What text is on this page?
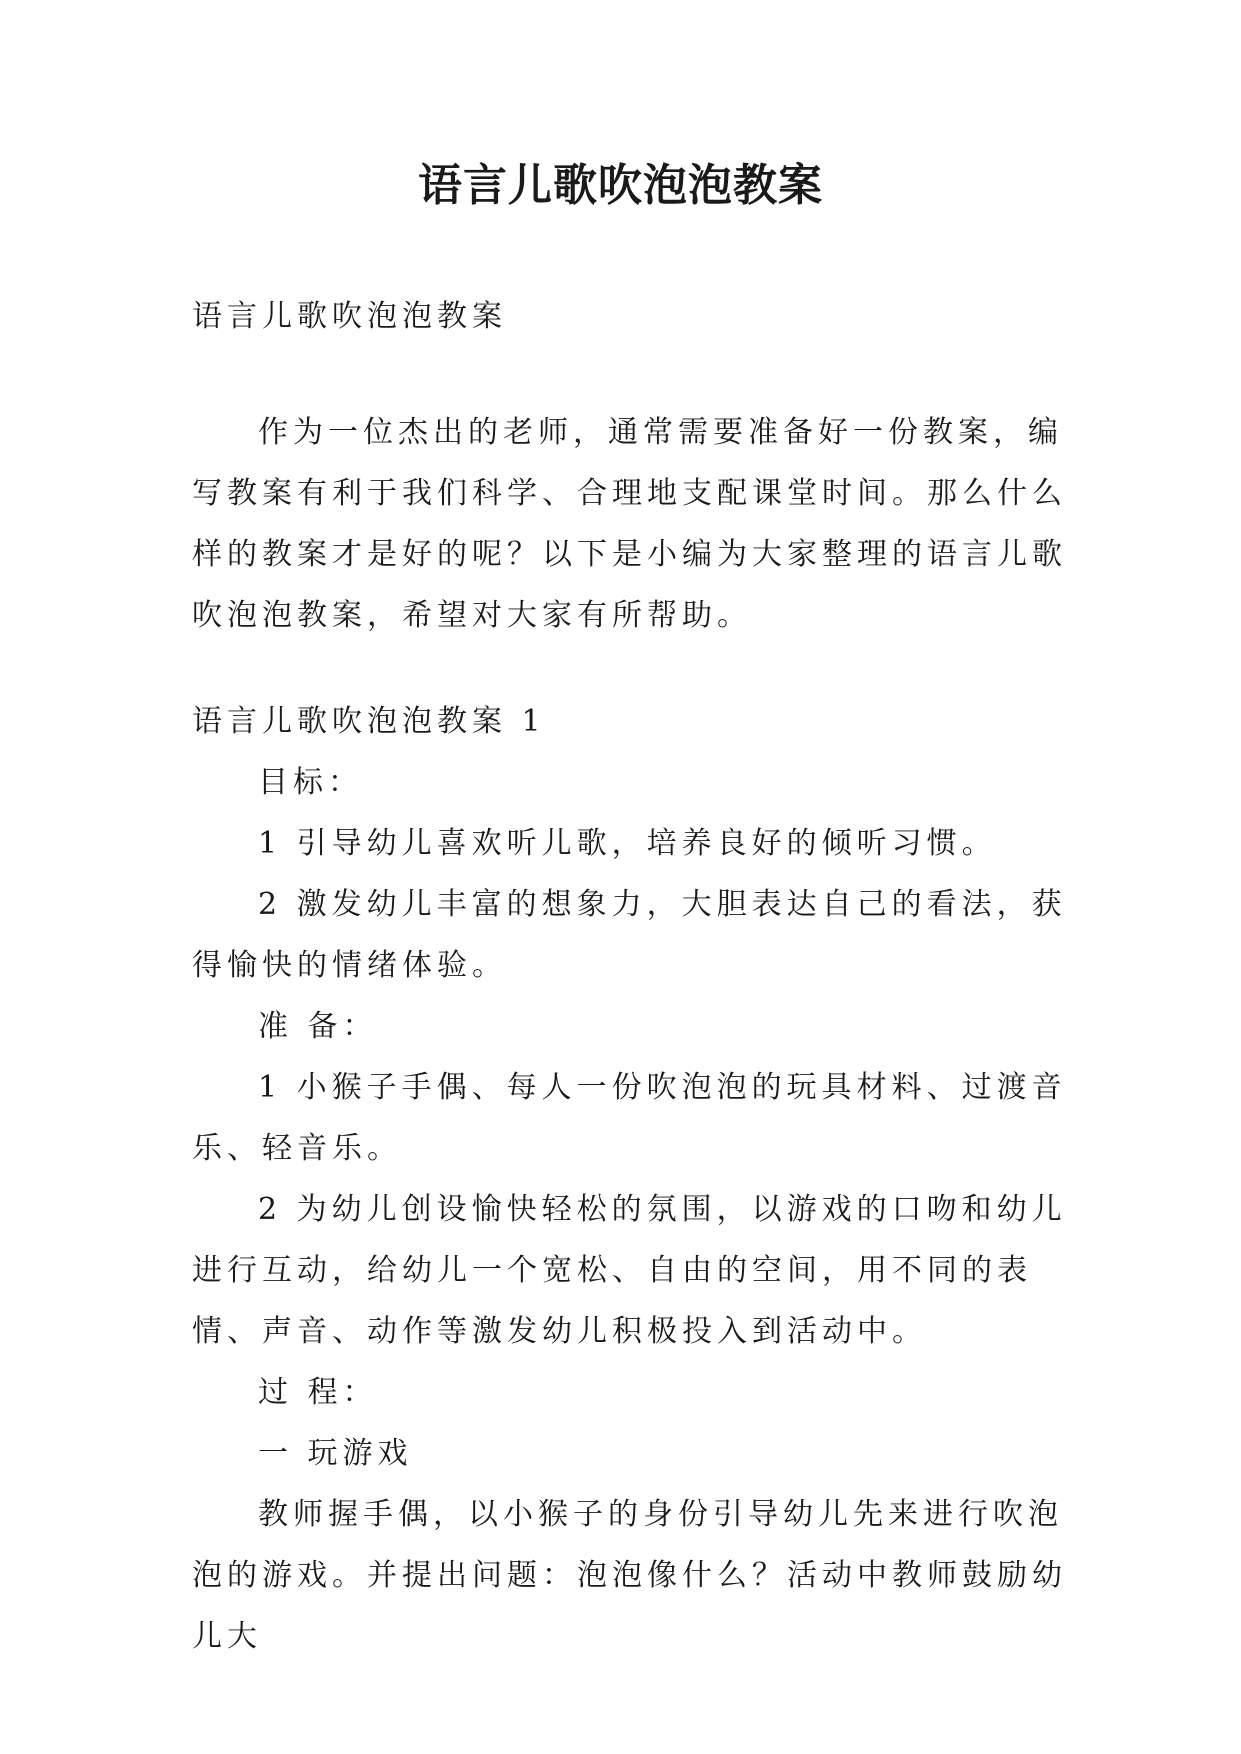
语言儿歌吹泡泡教案

语言儿歌吹泡泡教案

作为一位杰出的老师，通常需要准备好一份教案，编写教案有利于我们科学、合理地支配课堂时间。那么什么样的教案才是好的呢？以下是小编为大家整理的语言儿歌吹泡泡教案，希望对大家有所帮助。

语言儿歌吹泡泡教案 1

目标：

1 引导幼儿喜欢听儿歌，培养良好的倾听习惯。

2 激发幼儿丰富的想象力，大胆表达自己的看法，获得愉快的情绪体验。

准 备：

1 小猴子手偶、每人一份吹泡泡的玩具材料、过渡音乐、轻音乐。

2 为幼儿创设愉快轻松的氛围，以游戏的口吻和幼儿进行互动，给幼儿一个宽松、自由的空间，用不同的表情、声音、动作等激发幼儿积极投入到活动中。

过 程：

一 玩游戏

教师握手偶，以小猴子的身份引导幼儿先来进行吹泡泡的游戏。并提出问题：泡泡像什么？活动中教师鼓励幼儿大
